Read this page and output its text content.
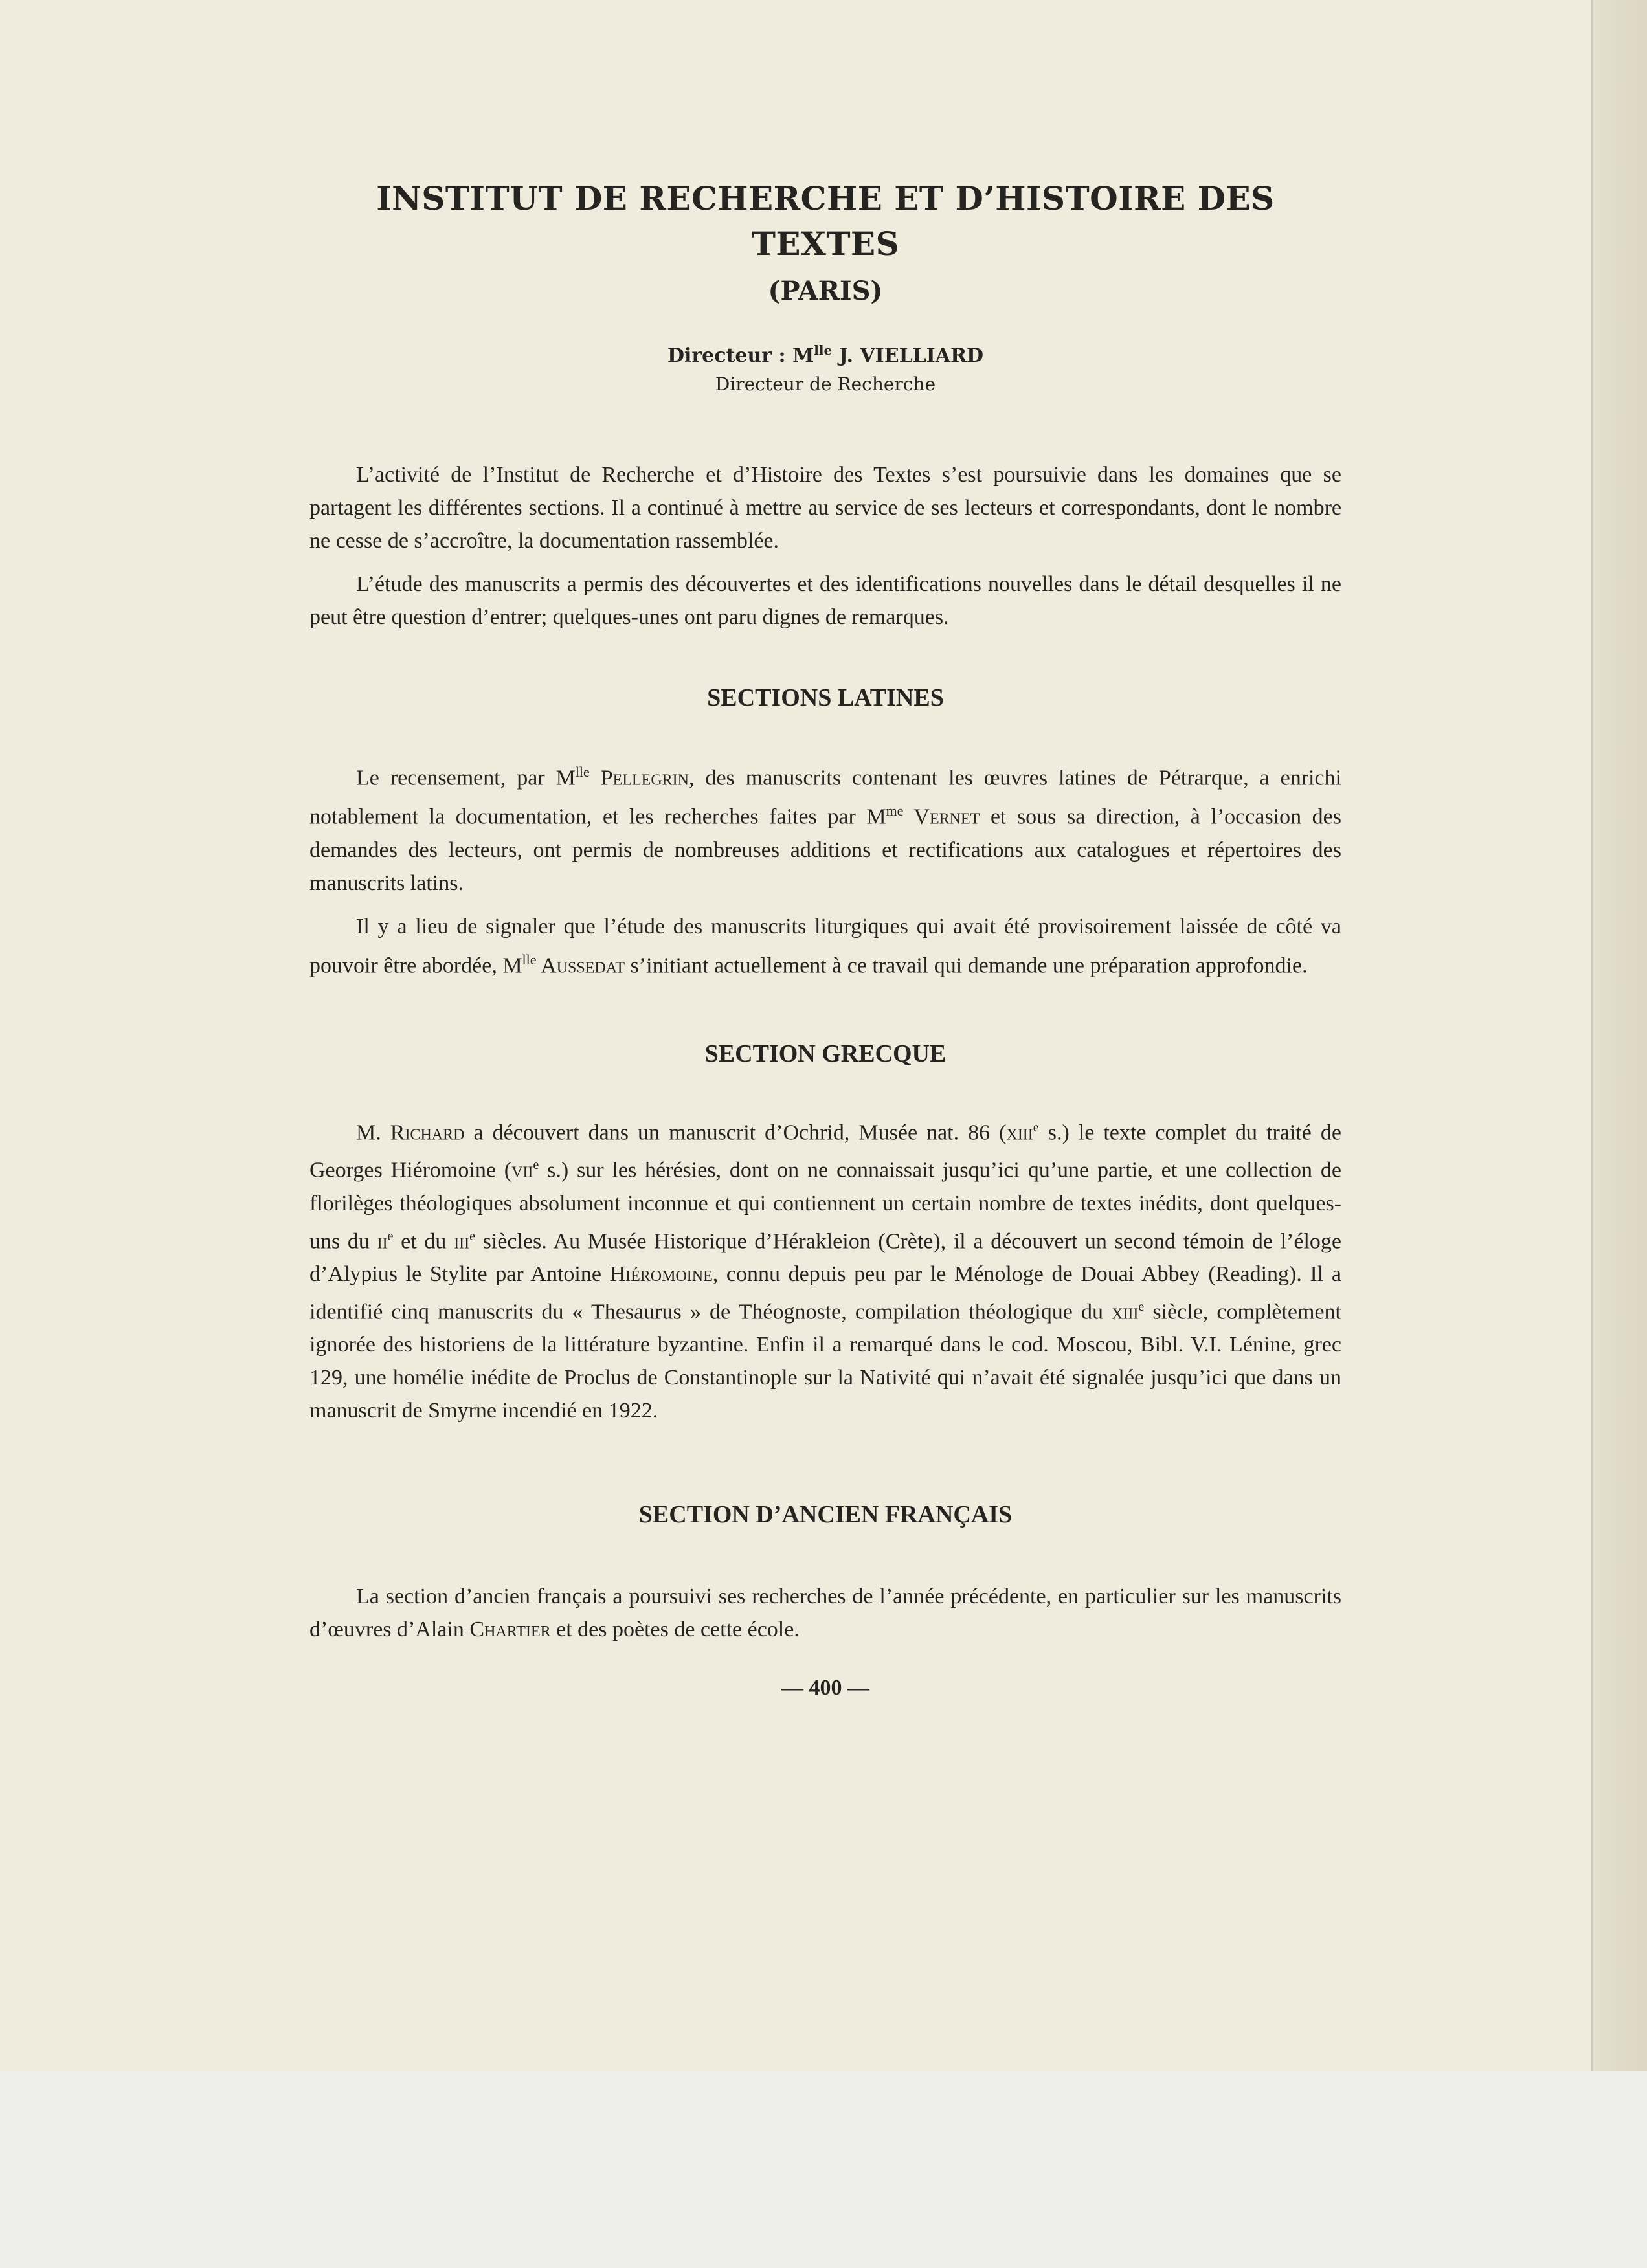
INSTITUT DE RECHERCHE ET D’HISTOIRE DES TEXTES
(PARIS)
Directeur : $M^{lle}$ J. VIELLIARD
Directeur de Recherche

L’activité de l’Institut de Recherche et d’Histoire des Textes s’est poursuivie dans les domaines que se partagent les différentes sections. Il a continué à mettre au service de ses lecteurs et correspondants, dont le nombre ne cesse de s’accroître, la documentation rassemblée.

L’étude des manuscrits a permis des découvertes et des identifications nouvelles dans le détail desquelles il ne peut être question d’entrer; quelques-unes ont paru dignes de remarques.

SECTIONS LATINES

Le recensement, par $M^{lle}$ Pellegrin, des manuscrits contenant les œuvres latines de Pétrarque, a enrichi notablement la documentation, et les recherches faites par $M^{me}$ Vernet et sous sa direction, à l’occasion des demandes des lecteurs, ont permis de nombreuses additions et rectifications aux catalogues et répertoires des manuscrits latins.

Il y a lieu de signaler que l’étude des manuscrits liturgiques qui avait été provisoirement laissée de côté va pouvoir être abordée, $M^{lle}$ Aussedat s’initiant actuellement à ce travail qui demande une préparation approfondie.

SECTION GRECQUE

M. Richard a découvert dans un manuscrit d’Ochrid, Musée nat. 86 (xiii$^e$ s.) le texte complet du traité de Georges Hiéromoine (vii$^e$ s.) sur les hérésies, dont on ne connaissait jusqu’ici qu’une partie, et une collection de florilèges théologiques absolument inconnue et qui contiennent un certain nombre de textes inédits, dont quelques-uns du $ii^e$ et du iii$^e$ siècles. Au Musée Historique d’Hérakleion (Crète), il a découvert un second témoin de l’éloge d’Alypius le Stylite par Antoine Hiéromoine, connu depuis peu par le Ménologe de Douai Abbey (Reading). Il a identifié cinq manuscrits du « Thesaurus » de Théognoste, compilation théologique du xiii$^e$ siècle, complètement ignorée des historiens de la littérature byzantine. Enfin il a remarqué dans le cod. Moscou, Bibl. V.I. Lénine, grec 129, une homélie inédite de Proclus de Constantinople sur la Nativité qui n’avait été signalée jusqu’ici que dans un manuscrit de Smyrne incendié en 1922.

SECTION D’ANCIEN FRANÇAIS

La section d’ancien français a poursuivi ses recherches de l’année précédente, en particulier sur les manuscrits d’œuvres d’Alain Chartier et des poètes de cette école.

— 400 —
